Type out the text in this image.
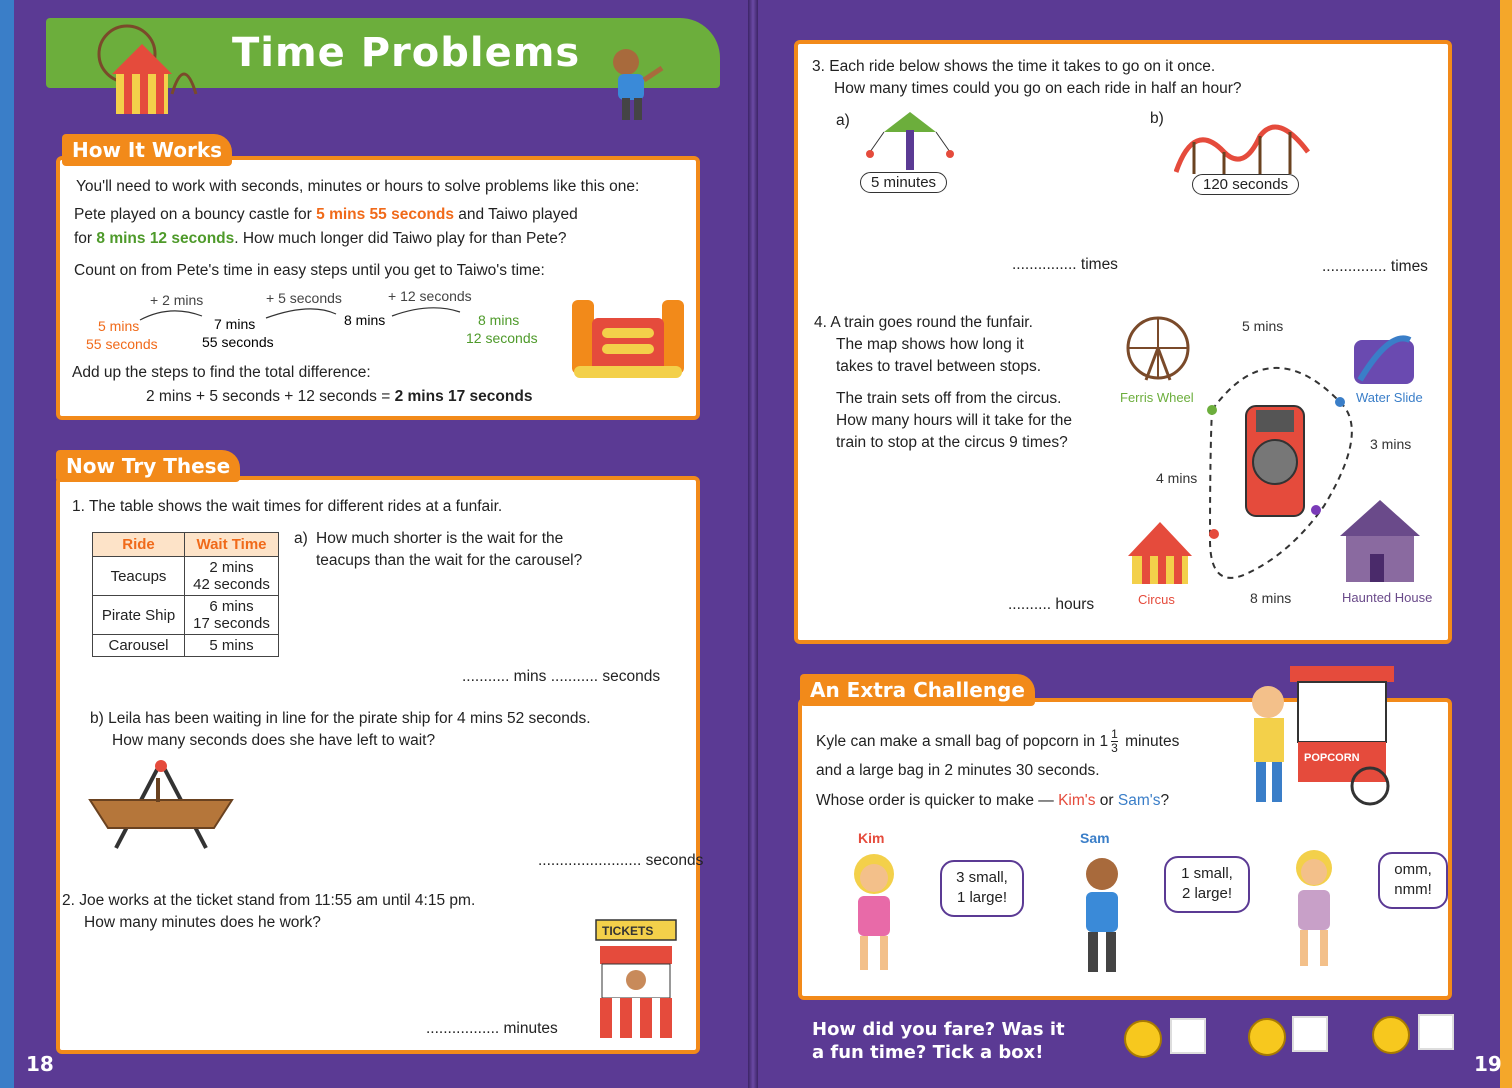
Time Problems
How It Works
You'll need to work with seconds, minutes or hours to solve problems like this one:
Pete played on a bouncy castle for 5 mins 55 seconds and Taiwo played
for 8 mins 12 seconds. How much longer did Taiwo play for than Pete?
Count on from Pete's time in easy steps until you get to Taiwo's time:
+ 2 mins	+ 5 seconds	+ 12 seconds
5 mins
55 seconds
7 mins
55 seconds
8 mins	8 mins
12 seconds
Add up the steps to find the total difference:
2 mins + 5 seconds + 12 seconds = 2 mins 17 seconds
Now Try These
1. The table shows the wait times for different rides at a funfair.
Ride	Wait Time
Teacups	2 mins
42 seconds

Pirate Ship	6 mins
17 seconds

Carousel	5 mins
a) How much shorter is the wait for the
teacups than the wait for the carousel?
........... mins ........... seconds
b) Leila has been waiting in line for the pirate ship for 4 mins 52 seconds.
How many seconds does she have left to wait?
........................ seconds
2. Joe works at the ticket stand from 11:55 am until 4:15 pm.
How many minutes does he work?	TICKETS
................. minutes
18
3. Each ride below shows the time it takes to go on it once.
How many times could you go on each ride in half an hour?
a)	b)
5 minutes	120 seconds
............... times	............... times
4. A train goes round the funfair.
The map shows how long it
takes to travel between stops.
The train sets off from the circus.
How many hours will it take for the
train to stop at the circus 9 times?
.......... hours
5 mins
3 mins
8 mins
4 mins
Ferris Wheel	Water Slide
Circus	Haunted House
An Extra Challenge
Kyle can make a small bag of popcorn in $1 \frac{1}{3}$ minutes
and a large bag in 2 minutes 30 seconds.
Whose order is quicker to make — Kim's or Sam's?
POPCORN
Kim	Sam
3 small,
1 large!
1 small,
2 large!
omm,
nmm!
How did you fare? Was it
a fun time? Tick a box!	19
